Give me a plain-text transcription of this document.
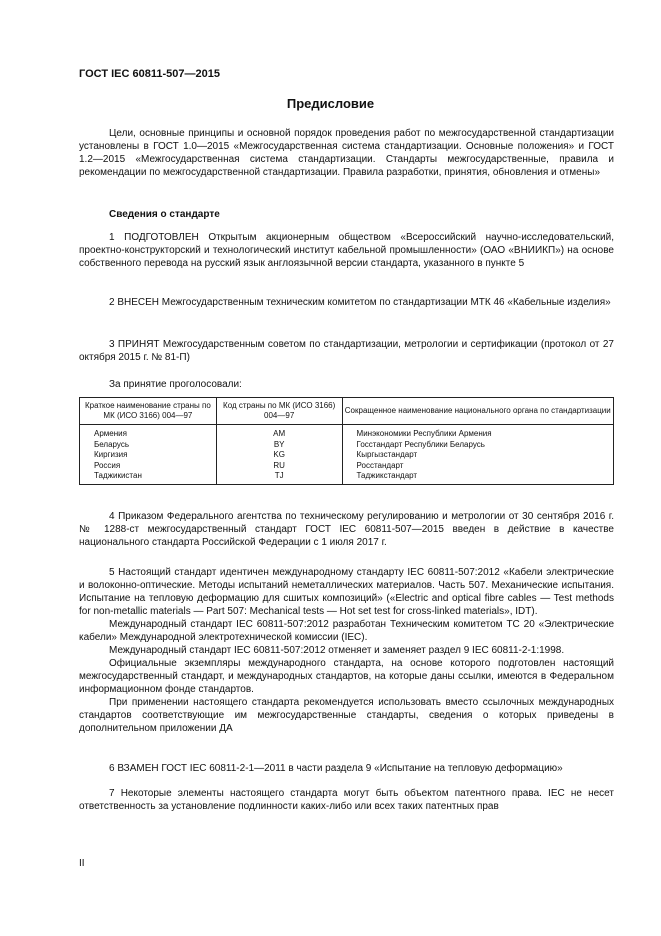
ГОСТ IEC 60811-507—2015
Предисловие

Цели, основные принципы и основной порядок проведения работ по межгосударственной стандартизации установлены в ГОСТ 1.0—2015 «Межгосударственная система стандартизации. Основные положения» и ГОСТ 1.2—2015 «Межгосударственная система стандартизации. Стандарты межгосударственные, правила и рекомендации по межгосударственной стандартизации. Правила разработки, принятия, обновления и отмены»

Сведения о стандарте

1 ПОДГОТОВЛЕН Открытым акционерным обществом «Всероссийский научно-исследовательский, проектно-конструкторский и технологический институт кабельной промышленности» (ОАО «ВНИИКП») на основе собственного перевода на русский язык англоязычной версии стандарта, указанного в пункте 5

2 ВНЕСЕН Межгосударственным техническим комитетом по стандартизации МТК 46 «Кабельные изделия»

3 ПРИНЯТ Межгосударственным советом по стандартизации, метрологии и сертификации (протокол от 27 октября 2015 г. № 81-П)

За принятие проголосовали:

Краткое наименование страны по МК (ИСО 3166) 004—97	Код страны по МК (ИСО 3166) 004—97	Сокращенное наименование национального органа по стандартизации
Армения	AM	Минэкономики Республики Армения
Беларусь	BY	Госстандарт Республики Беларусь
Киргизия	KG	Кыргызстандарт
Россия	RU	Росстандарт
Таджикистан	TJ	Таджикстандарт

4 Приказом Федерального агентства по техническому регулированию и метрологии от 30 сентября 2016 г. № 1288-ст межгосударственный стандарт ГОСТ IEC 60811-507—2015 введен в действие в качестве национального стандарта Российской Федерации с 1 июля 2017 г.

5 Настоящий стандарт идентичен международному стандарту IEC 60811-507:2012 «Кабели электрические и волоконно-оптические. Методы испытаний неметаллических материалов. Часть 507. Механические испытания. Испытание на тепловую деформацию для сшитых композиций» («Electric and optical fibre cables — Test methods for non-metallic materials — Part 507: Mechanical tests — Hot set test for cross-linked materials», IDT).

Международный стандарт IEC 60811-507:2012 разработан Техническим комитетом ТС 20 «Электрические кабели» Международной электротехнической комиссии (IEC).

Международный стандарт IEC 60811-507:2012 отменяет и заменяет раздел 9 IEC 60811-2-1:1998.

Официальные экземпляры международного стандарта, на основе которого подготовлен настоящий межгосударственный стандарт, и международных стандартов, на которые даны ссылки, имеются в Федеральном информационном фонде стандартов.

При применении настоящего стандарта рекомендуется использовать вместо ссылочных международных стандартов соответствующие им межгосударственные стандарты, сведения о которых приведены в дополнительном приложении ДА

6 ВЗАМЕН ГОСТ IEC 60811-2-1—2011 в части раздела 9 «Испытание на тепловую деформацию»

7 Некоторые элементы настоящего стандарта могут быть объектом патентного права. IEC не несет ответственность за установление подлинности каких-либо или всех таких патентных прав

II
